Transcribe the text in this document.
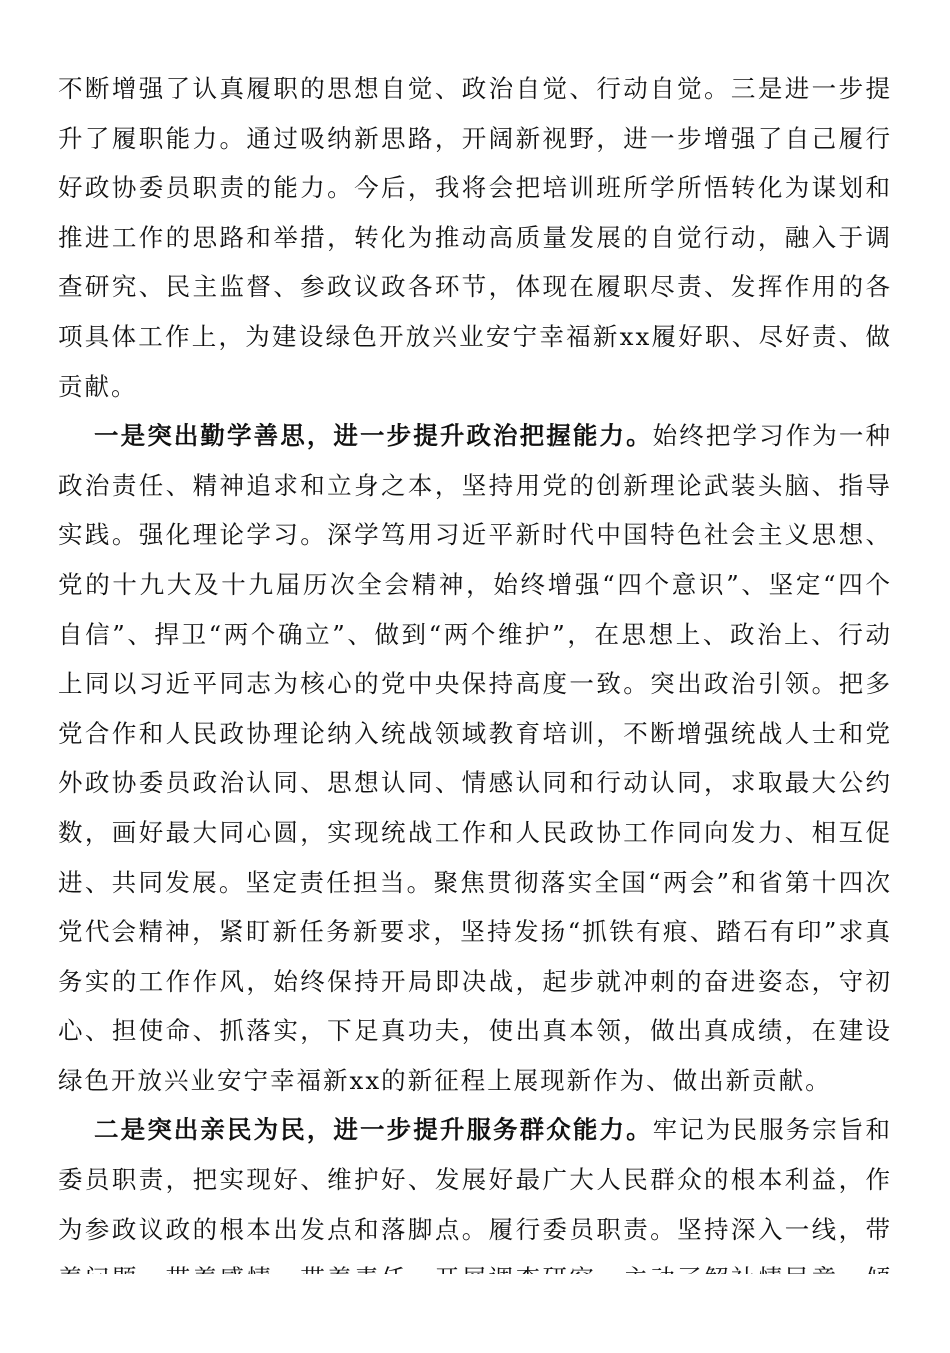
不断增强了认真履职的思想自觉、政治自觉、行动自觉。三是进一步提升了履职能力。通过吸纳新思路，开阔新视野，进一步增强了自己履行好政协委员职责的能力。今后，我将会把培训班所学所悟转化为谋划和推进工作的思路和举措，转化为推动高质量发展的自觉行动，融入于调查研究、民主监督、参政议政各环节，体现在履职尽责、发挥作用的各项具体工作上，为建设绿色开放兴业安宁幸福新xx履好职、尽好责、做贡献。

一是突出勤学善思，进一步提升政治把握能力。始终把学习作为一种政治责任、精神追求和立身之本，坚持用党的创新理论武装头脑、指导实践。强化理论学习。深学笃用习近平新时代中国特色社会主义思想、党的十九大及十九届历次全会精神，始终增强“四个意识”、坚定“四个自信”、捍卫“两个确立”、做到“两个维护”，在思想上、政治上、行动上同以习近平同志为核心的党中央保持高度一致。突出政治引领。把多党合作和人民政协理论纳入统战领域教育培训，不断增强统战人士和党外政协委员政治认同、思想认同、情感认同和行动认同，求取最大公约数，画好最大同心圆，实现统战工作和人民政协工作同向发力、相互促进、共同发展。坚定责任担当。聚焦贯彻落实全国“两会”和省第十四次党代会精神，紧盯新任务新要求，坚持发扬“抓铁有痕、踏石有印”求真务实的工作作风，始终保持开局即决战，起步就冲刺的奋进姿态，守初心、担使命、抓落实，下足真功夫，使出真本领，做出真成绩，在建设绿色开放兴业安宁幸福新xx的新征程上展现新作为、做出新贡献。

二是突出亲民为民，进一步提升服务群众能力。牢记为民服务宗旨和委员职责，把实现好、维护好、发展好最广大人民群众的根本利益，作为参政议政的根本出发点和落脚点。履行委员职责。坚持深入一线，带
